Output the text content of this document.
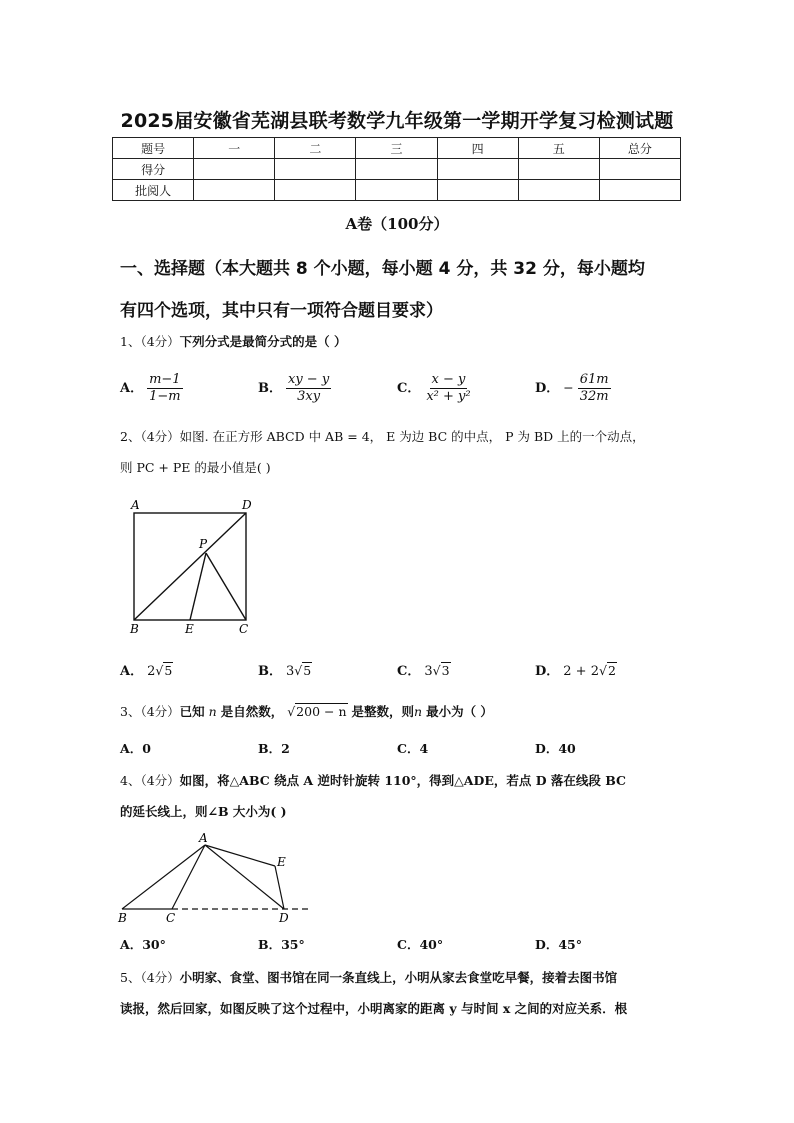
2025届安徽省芜湖县联考数学九年级第一学期开学复习检测试题
题号	一	二	三	四	五	总分
得分						
批阅人						
A卷（100分）
一、选择题（本大题共 8 个小题，每小题 4 分，共 32 分，每小题均
有四个选项，其中只有一项符合题目要求）
1、（4分）下列分式是最简分式的是（ ）
A． $\frac{m-1}{1-m}$	B． $\frac{xy - y}{3xy}$	C． $\frac{x - y}{\text{x² + y²}}$	D． − $\frac{61m}{32m}$
2、（4分）如图. 在正方形 ABCD 中 AB = 4， E 为边 BC 的中点， P 为 BD 上的一个动点，
则 PC + PE 的最小值是( )
A	D
P
B	E	C
A． 2√5	B． 3√5	C． 3√3	D． 2 + 2√2
3、（4分）已知 n 是自然数， √200 − n 是整数，则n 最小为（ ）
A．0	B．2	C．4	D．40
4、（4分）如图，将△ABC 绕点 A 逆时针旋转 110°，得到△ADE，若点 D 落在线段 BC
的延长线上，则∠B 大小为( )
A
E
B	C	D
A．30°	B．35°	C．40°	D．45°
5、（4分）小明家、食堂、图书馆在同一条直线上，小明从家去食堂吃早餐，接着去图书馆
读报，然后回家，如图反映了这个过程中，小明离家的距离 y 与时间 x 之间的对应关系．根
